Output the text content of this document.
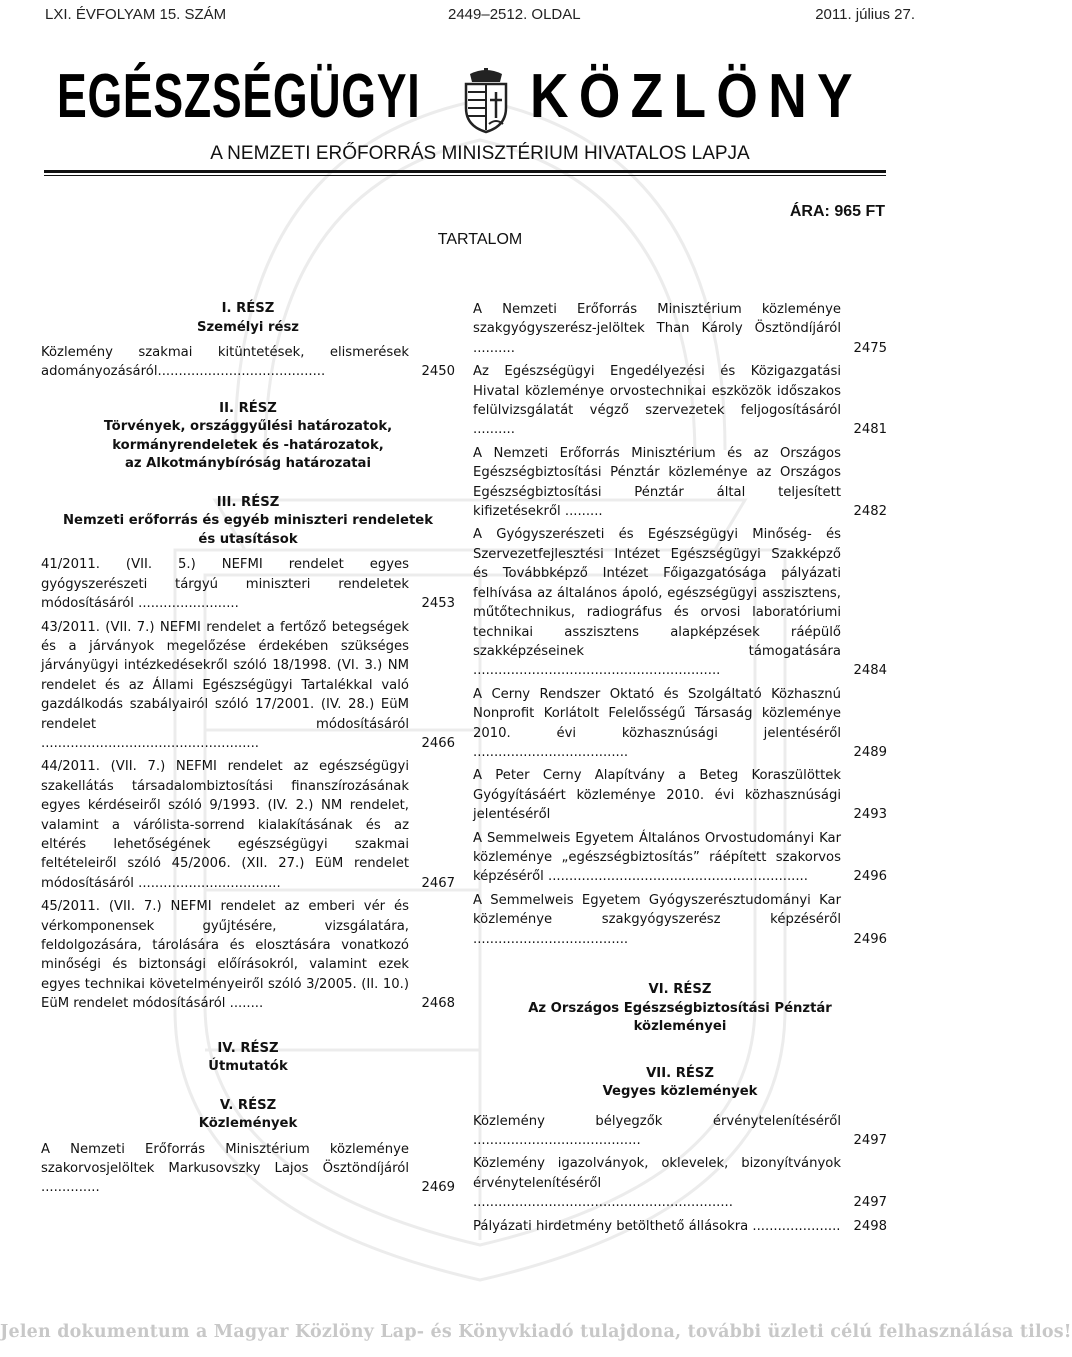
LXI. ÉVFOLYAM 15. SZÁM	2449–2512. OLDAL	2011. július 27.
EGÉSZSÉGÜGYI KÖZLÖNY
A NEMZETI ERŐFORRÁS MINISZTÉRIUM HIVATALOS LAPJA
ÁRA: 965 FT
TARTALOM
I. RÉSZ
Személyi rész
Közlemény szakmai kitüntetések, elismerések adományozásáról........................................	2450
II. RÉSZ
Törvények, országgyűlési határozatok,
kormányrendeletek és -határozatok,
az Alkotmánybíróság határozatai
III. RÉSZ
Nemzeti erőforrás és egyéb miniszteri rendeletek
és utasítások
41/2011. (VII. 5.) NEFMI rendelet egyes gyógyszerészeti tárgyú miniszteri rendeletek módosításáról ........................	2453
43/2011. (VII. 7.) NEFMI rendelet a fertőző betegségek és a járványok megelőzése érdekében szükséges járványügyi intézkedésekről szóló 18/1998. (VI. 3.) NM rendelet és az Állami Egészségügyi Tartalékkal való gazdálkodás szabályairól szóló 17/2001. (IV. 28.) EüM rendelet módosításáról ....................................................	2466
44/2011. (VII. 7.) NEFMI rendelet az egészségügyi szakellátás társadalombiztosítási finanszírozásának egyes kérdéseiről szóló 9/1993. (IV. 2.) NM rendelet, valamint a várólista-sorrend kialakításának és az eltérés lehetőségének egészségügyi szakmai feltételeiről szóló 45/2006. (XII. 27.) EüM rendelet módosításáról ..................................	2467
45/2011. (VII. 7.) NEFMI rendelet az emberi vér és vérkomponensek gyűjtésére, vizsgálatára, feldolgozására, tárolására és elosztására vonatkozó minőségi és biztonsági előírásokról, valamint ezek egyes technikai követelményeiről szóló 3/2005. (II. 10.) EüM rendelet módosításáról ........	2468
IV. RÉSZ
Útmutatók
V. RÉSZ
Közlemények
A Nemzeti Erőforrás Minisztérium közleménye szakorvosjelöltek Markusovszky Lajos Ösztöndíjáról ..............	2469
A Nemzeti Erőforrás Minisztérium közleménye szakgyógyszerész-jelöltek Than Károly Ösztöndíjáról ..........	2475
Az Egészségügyi Engedélyezési és Közigazgatási Hivatal közleménye orvostechnikai eszközök időszakos felülvizsgálatát végző szervezetek feljogosításáról ..........	2481
A Nemzeti Erőforrás Minisztérium és az Országos Egészségbiztosítási Pénztár közleménye az Országos Egészségbiztosítási Pénztár által teljesített kifizetésekről .........	2482
A Gyógyszerészeti és Egészségügyi Minőség- és Szervezetfejlesztési Intézet Egészségügyi Szakképző és Továbbképző Intézet Főigazgatósága pályázati felhívása az általános ápoló, egészségügyi asszisztens, műtőtechnikus, radiográfus és orvosi laboratóriumi technikai asszisztens alapképzések ráépülő szakképzéseinek támogatására ...........................................................	2484
A Cerny Rendszer Oktató és Szolgáltató Közhasznú Nonprofit Korlátolt Felelősségű Társaság közleménye 2010. évi közhasznúsági jelentéséről .....................................	2489
A Peter Cerny Alapítvány a Beteg Koraszülöttek Gyógyításáért közleménye 2010. évi közhasznúsági jelentéséről	2493
A Semmelweis Egyetem Általános Orvostudományi Kar közleménye „egészségbiztosítás” ráépített szakorvos képzéséről ..............................................................	2496
A Semmelweis Egyetem Gyógyszerésztudományi Kar közleménye szakgyógyszerész képzéséről .....................................	2496
VI. RÉSZ
Az Országos Egészségbiztosítási Pénztár
közleményei
VII. RÉSZ
Vegyes közlemények
Közlemény bélyegzők érvénytelenítéséről ........................................	2497
Közlemény igazolványok, oklevelek, bizonyítványok érvénytelenítéséről ..............................................................	2497
Pályázati hirdetmény betölthető állásokra ..................... 2498
Jelen dokumentum a Magyar Közlöny Lap- és Könyvkiadó tulajdona, további üzleti célú felhasználása tilos!
